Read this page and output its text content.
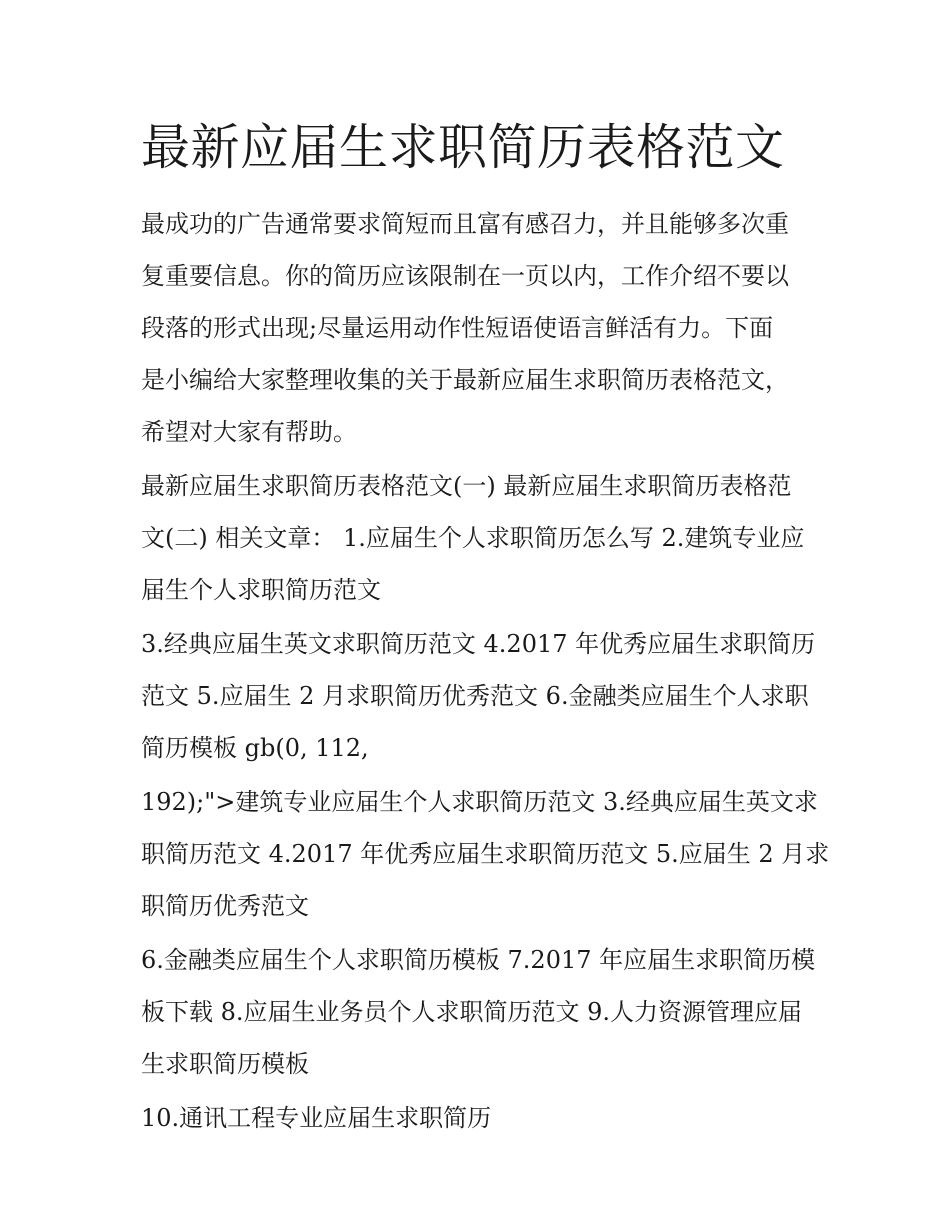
最新应届生求职简历表格范文

最成功的广告通常要求简短而且富有感召力，并且能够多次重
复重要信息。你的简历应该限制在一页以内，工作介绍不要以
段落的形式出现;尽量运用动作性短语使语言鲜活有力。下面
是小编给大家整理收集的关于最新应届生求职简历表格范文，
希望对大家有帮助。

最新应届生求职简历表格范文(一) 最新应届生求职简历表格范
文(二) 相关文章： 1.应届生个人求职简历怎么写 2.建筑专业应
届生个人求职简历范文

3.经典应届生英文求职简历范文 4.2017 年优秀应届生求职简历
范文 5.应届生 2 月求职简历优秀范文 6.金融类应届生个人求职
简历模板 gb(0, 112,

192);">建筑专业应届生个人求职简历范文 3.经典应届生英文求
职简历范文 4.2017 年优秀应届生求职简历范文 5.应届生 2 月求
职简历优秀范文

6.金融类应届生个人求职简历模板 7.2017 年应届生求职简历模
板下载 8.应届生业务员个人求职简历范文 9.人力资源管理应届
生求职简历模板

10.通讯工程专业应届生求职简历
